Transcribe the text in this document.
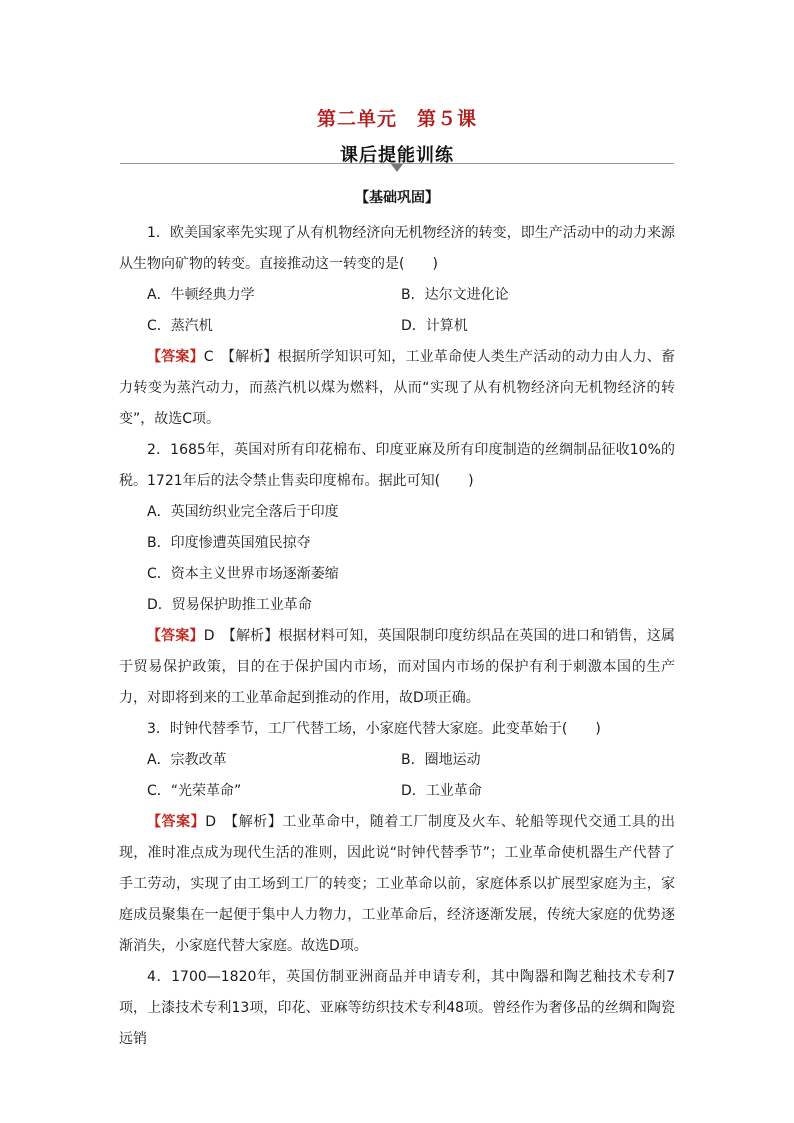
第二单元　第５课
课后提能训练
【基础巩固】

1．欧美国家率先实现了从有机物经济向无机物经济的转变，即生产活动中的动力来源从生物向矿物的转变。直接推动这一转变的是(　　)

A．牛顿经典力学	B．达尔文进化论
C．蒸汽机	D．计算机

【答案】C　 【解析】根据所学知识可知，工业革命使人类生产活动的动力由人力、畜力转变为蒸汽动力，而蒸汽机以煤为燃料，从而“实现了从有机物经济向无机物经济的转变”，故选C项。

2．1685年，英国对所有印花棉布、印度亚麻及所有印度制造的丝绸制品征收10%的税。1721年后的法令禁止售卖印度棉布。据此可知(　　)

A．英国纺织业完全落后于印度
B．印度惨遭英国殖民掠夺
C．资本主义世界市场逐渐萎缩
D．贸易保护助推工业革命

【答案】D　 【解析】根据材料可知，英国限制印度纺织品在英国的进口和销售，这属于贸易保护政策，目的在于保护国内市场，而对国内市场的保护有利于刺激本国的生产力，对即将到来的工业革命起到推动的作用，故D项正确。

3．时钟代替季节，工厂代替工场，小家庭代替大家庭。此变革始于(　　)

A．宗教改革	B．圈地运动
C．“光荣革命”	D．工业革命

【答案】D　 【解析】工业革命中，随着工厂制度及火车、轮船等现代交通工具的出现，准时准点成为现代生活的准则，因此说“时钟代替季节”；工业革命使机器生产代替了手工劳动，实现了由工场到工厂的转变；工业革命以前，家庭体系以扩展型家庭为主，家庭成员聚集在一起便于集中人力物力，工业革命后，经济逐渐发展，传统大家庭的优势逐渐消失，小家庭代替大家庭。故选D项。

4．1700—1820年，英国仿制亚洲商品并申请专利，其中陶器和陶艺釉技术专利7项，上漆技术专利13项，印花、亚麻等纺织技术专利48项。曾经作为奢侈品的丝绸和陶瓷远销
